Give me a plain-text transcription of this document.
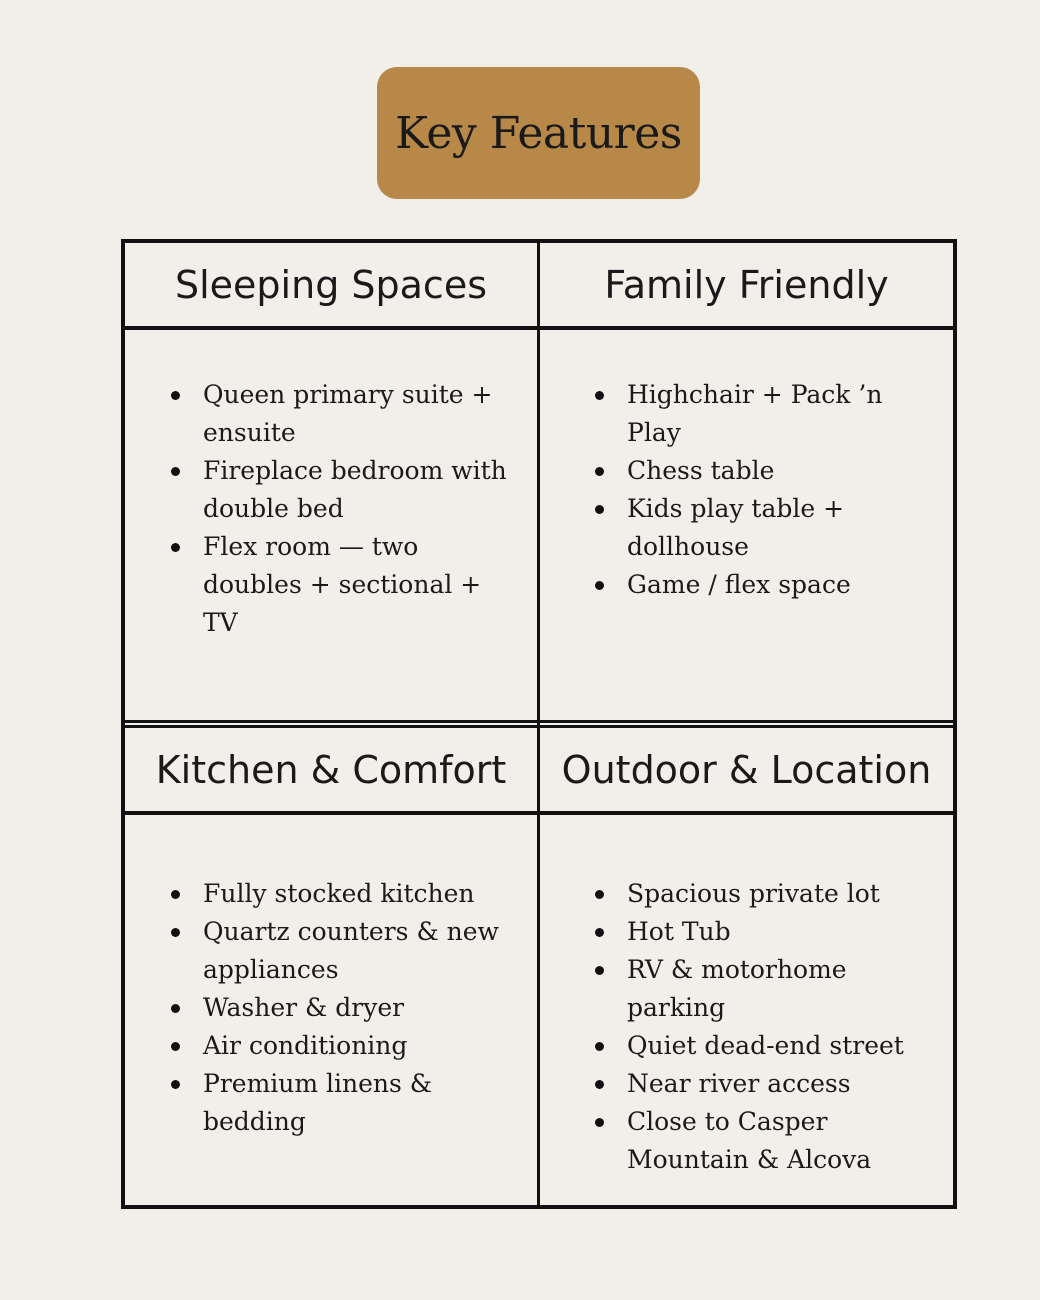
Key Features
Sleeping Spaces	Family Friendly
Kitchen & Comfort	Outdoor & Location
Queen primary suite + ensuite
Fireplace bedroom with double bed
Flex room — two doubles + sectional + TV
Highchair + Pack ’n Play
Chess table
Kids play table + dollhouse
Game / flex space
Fully stocked kitchen
Quartz counters & new appliances
Washer & dryer
Air conditioning
Premium linens & bedding
Spacious private lot
Hot Tub
RV & motorhome parking
Quiet dead-end street
Near river access
Close to Casper Mountain & Alcova
